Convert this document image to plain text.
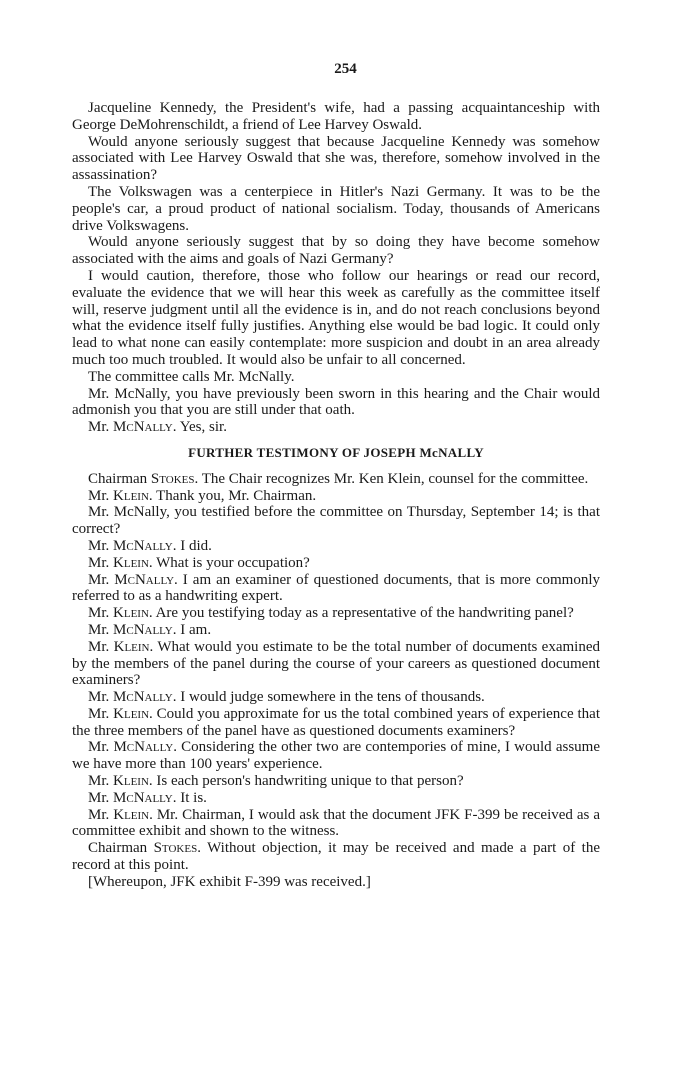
254

Jacqueline Kennedy, the President's wife, had a passing acquaintanceship with George DeMohrenschildt, a friend of Lee Harvey Oswald.

Would anyone seriously suggest that because Jacqueline Kennedy was somehow associated with Lee Harvey Oswald that she was, therefore, somehow involved in the assassination?

The Volkswagen was a centerpiece in Hitler's Nazi Germany. It was to be the people's car, a proud product of national socialism. Today, thousands of Americans drive Volkswagens.

Would anyone seriously suggest that by so doing they have become somehow associated with the aims and goals of Nazi Germany?

I would caution, therefore, those who follow our hearings or read our record, evaluate the evidence that we will hear this week as carefully as the committee itself will, reserve judgment until all the evidence is in, and do not reach conclusions beyond what the evidence itself fully justifies. Anything else would be bad logic. It could only lead to what none can easily contemplate: more suspicion and doubt in an area already much too much troubled. It would also be unfair to all concerned.

The committee calls Mr. McNally.

Mr. McNally, you have previously been sworn in this hearing and the Chair would admonish you that you are still under that oath.

Mr. McNally. Yes, sir.

FURTHER TESTIMONY OF JOSEPH McNALLY

Chairman Stokes. The Chair recognizes Mr. Ken Klein, counsel for the committee.

Mr. Klein. Thank you, Mr. Chairman.

Mr. McNally, you testified before the committee on Thursday, September 14; is that correct?

Mr. McNally. I did.

Mr. Klein. What is your occupation?

Mr. McNally. I am an examiner of questioned documents, that is more commonly referred to as a handwriting expert.

Mr. Klein. Are you testifying today as a representative of the handwriting panel?

Mr. McNally. I am.

Mr. Klein. What would you estimate to be the total number of documents examined by the members of the panel during the course of your careers as questioned document examiners?

Mr. McNally. I would judge somewhere in the tens of thousands.

Mr. Klein. Could you approximate for us the total combined years of experience that the three members of the panel have as questioned documents examiners?

Mr. McNally. Considering the other two are contempories of mine, I would assume we have more than 100 years' experience.

Mr. Klein. Is each person's handwriting unique to that person?

Mr. McNally. It is.

Mr. Klein. Mr. Chairman, I would ask that the document JFK F-399 be received as a committee exhibit and shown to the witness.

Chairman Stokes. Without objection, it may be received and made a part of the record at this point.

[Whereupon, JFK exhibit F-399 was received.]
